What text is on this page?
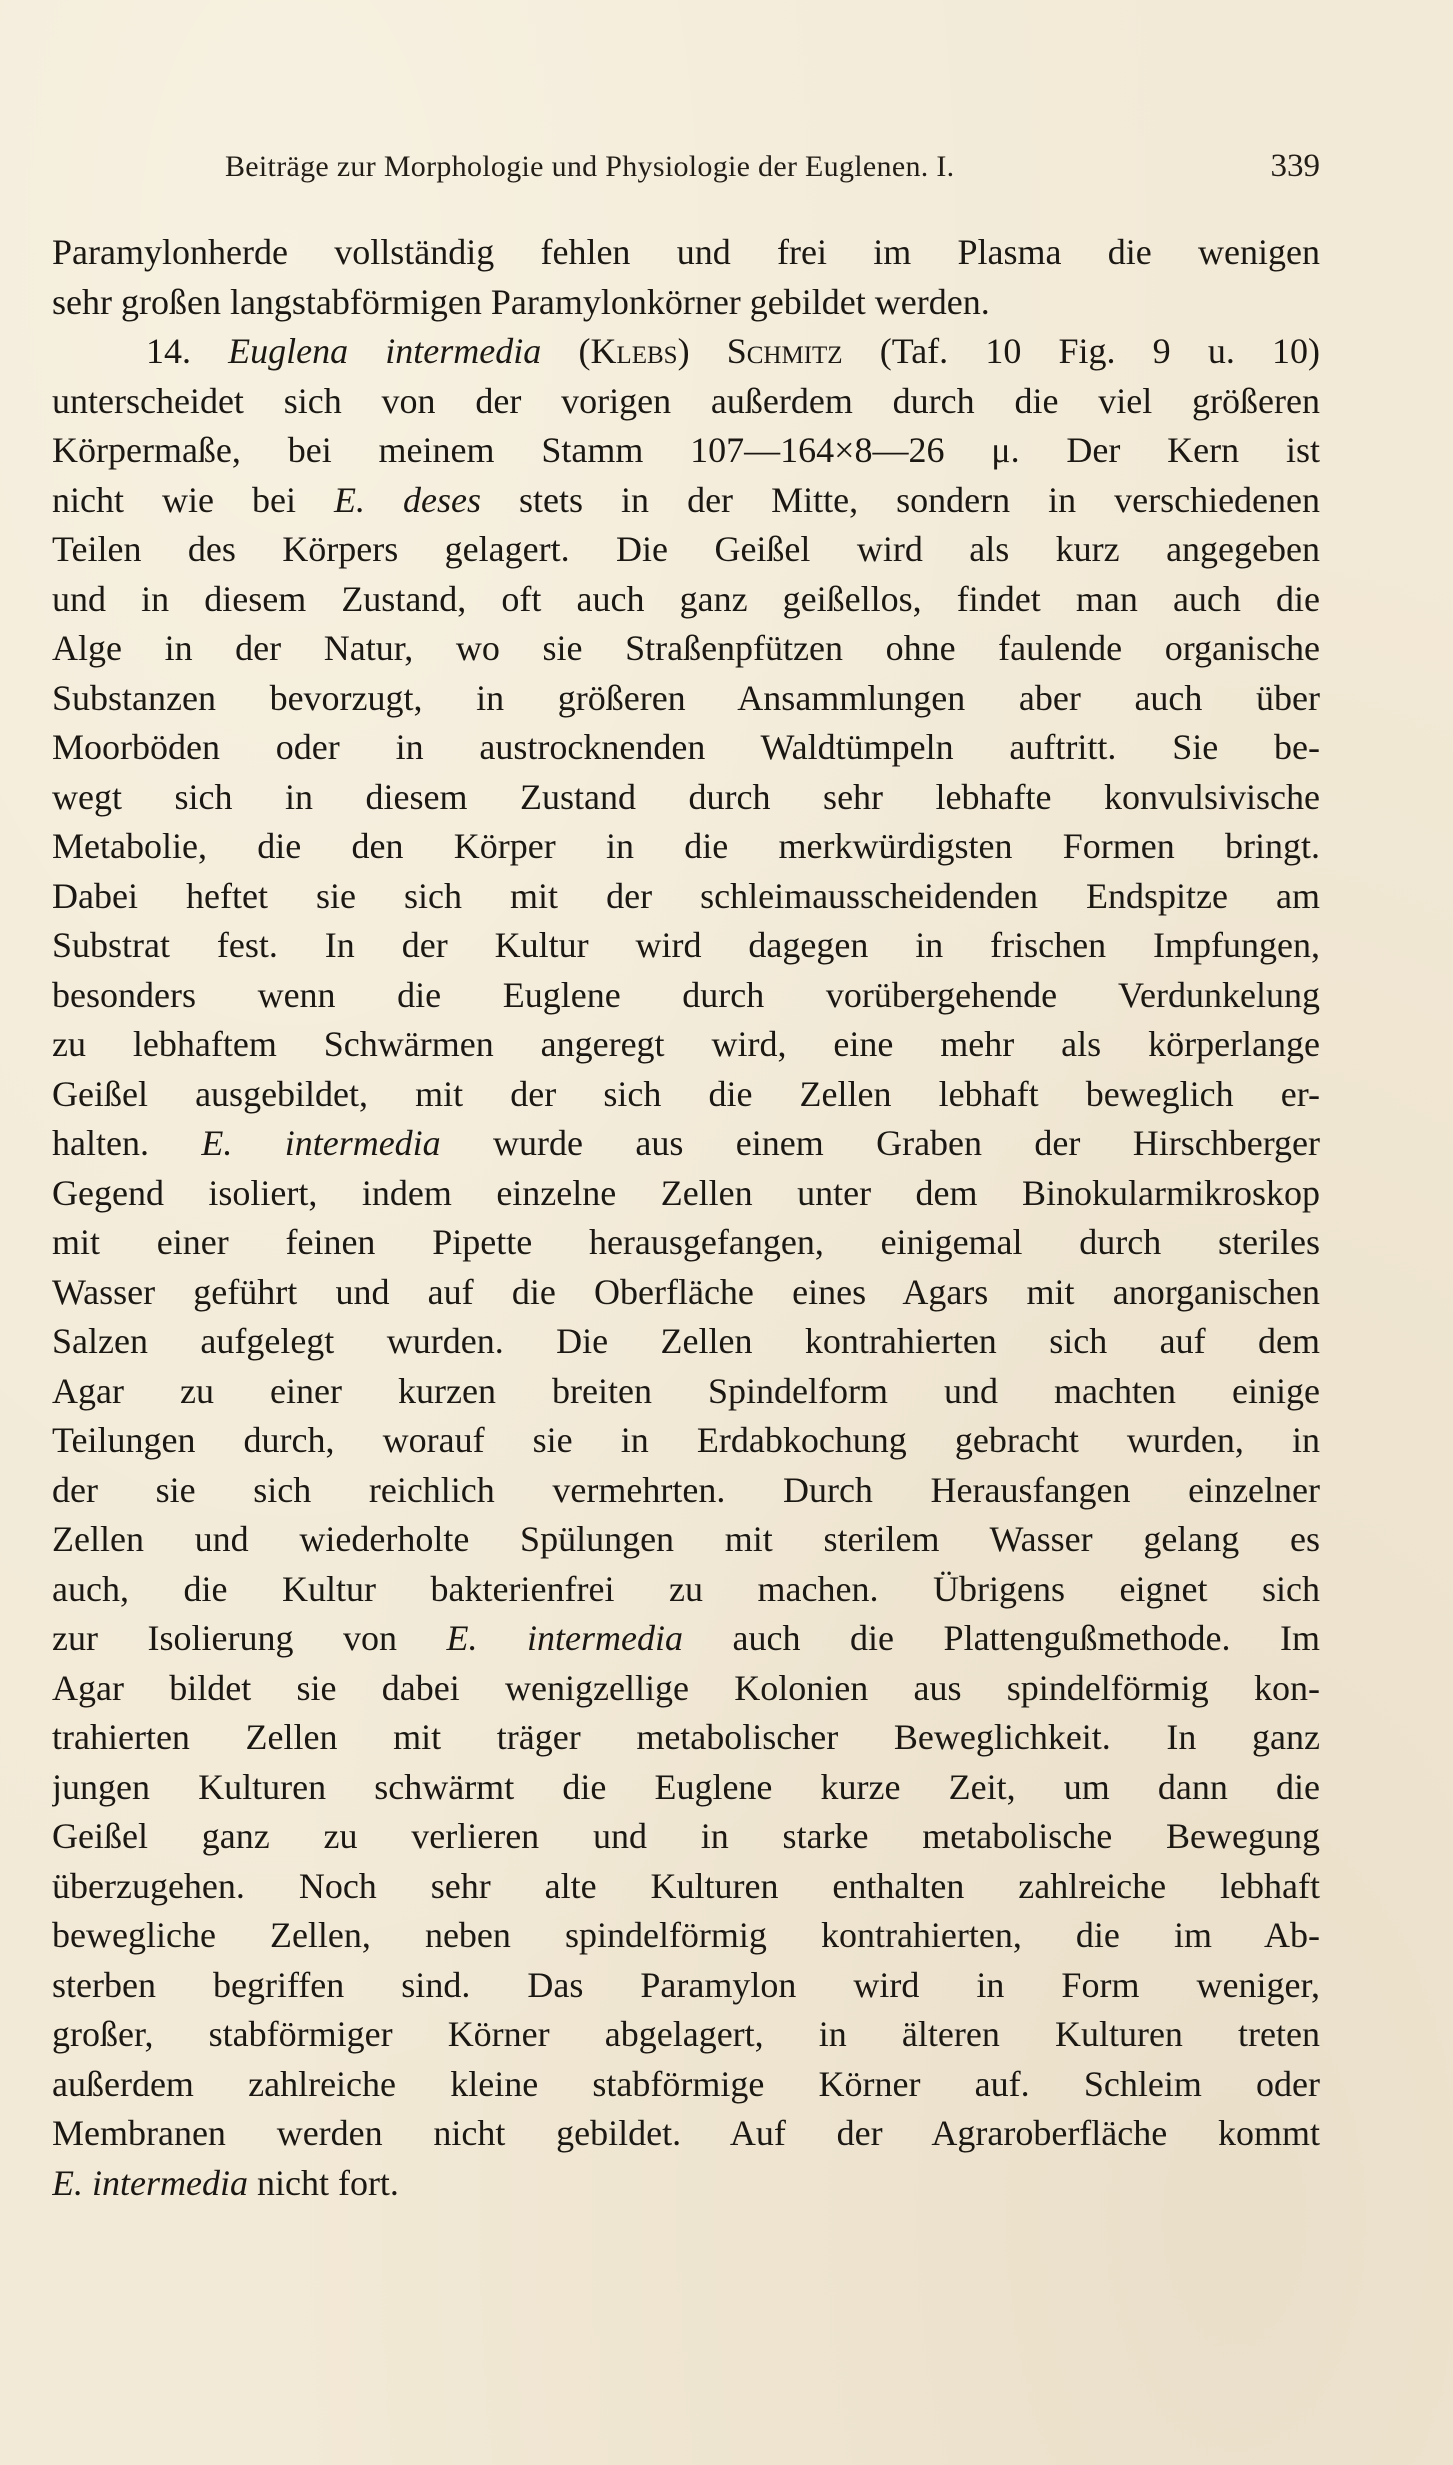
Beiträge zur Morphologie und Physiologie der Euglenen. I.	339
Paramylonherde vollständig fehlen und frei im Plasma die wenigen
sehr großen langstabförmigen Paramylonkörner gebildet werden.
14. Euglena intermedia (Klebs) Schmitz (Taf. 10 Fig. 9 u. 10)
unterscheidet sich von der vorigen außerdem durch die viel größeren
Körpermaße, bei meinem Stamm 107—164×8—26 μ. Der Kern ist
nicht wie bei E. deses stets in der Mitte, sondern in verschiedenen
Teilen des Körpers gelagert. Die Geißel wird als kurz angegeben
und in diesem Zustand, oft auch ganz geißellos, findet man auch die
Alge in der Natur, wo sie Straßenpfützen ohne faulende organische
Substanzen bevorzugt, in größeren Ansammlungen aber auch über
Moorböden oder in austrocknenden Waldtümpeln auftritt. Sie be-
wegt sich in diesem Zustand durch sehr lebhafte konvulsivische
Metabolie, die den Körper in die merkwürdigsten Formen bringt.
Dabei heftet sie sich mit der schleimausscheidenden Endspitze am
Substrat fest. In der Kultur wird dagegen in frischen Impfungen,
besonders wenn die Euglene durch vorübergehende Verdunkelung
zu lebhaftem Schwärmen angeregt wird, eine mehr als körperlange
Geißel ausgebildet, mit der sich die Zellen lebhaft beweglich er-
halten. E. intermedia wurde aus einem Graben der Hirschberger
Gegend isoliert, indem einzelne Zellen unter dem Binokularmikroskop
mit einer feinen Pipette herausgefangen, einigemal durch steriles
Wasser geführt und auf die Oberfläche eines Agars mit anorganischen
Salzen aufgelegt wurden. Die Zellen kontrahierten sich auf dem
Agar zu einer kurzen breiten Spindelform und machten einige
Teilungen durch, worauf sie in Erdabkochung gebracht wurden, in
der sie sich reichlich vermehrten. Durch Herausfangen einzelner
Zellen und wiederholte Spülungen mit sterilem Wasser gelang es
auch, die Kultur bakterienfrei zu machen. Übrigens eignet sich
zur Isolierung von E. intermedia auch die Plattengußmethode. Im
Agar bildet sie dabei wenigzellige Kolonien aus spindelförmig kon-
trahierten Zellen mit träger metabolischer Beweglichkeit. In ganz
jungen Kulturen schwärmt die Euglene kurze Zeit, um dann die
Geißel ganz zu verlieren und in starke metabolische Bewegung
überzugehen. Noch sehr alte Kulturen enthalten zahlreiche lebhaft
bewegliche Zellen, neben spindelförmig kontrahierten, die im Ab-
sterben begriffen sind. Das Paramylon wird in Form weniger,
großer, stabförmiger Körner abgelagert, in älteren Kulturen treten
außerdem zahlreiche kleine stabförmige Körner auf. Schleim oder
Membranen werden nicht gebildet. Auf der Agraroberfläche kommt
E. intermedia nicht fort.
